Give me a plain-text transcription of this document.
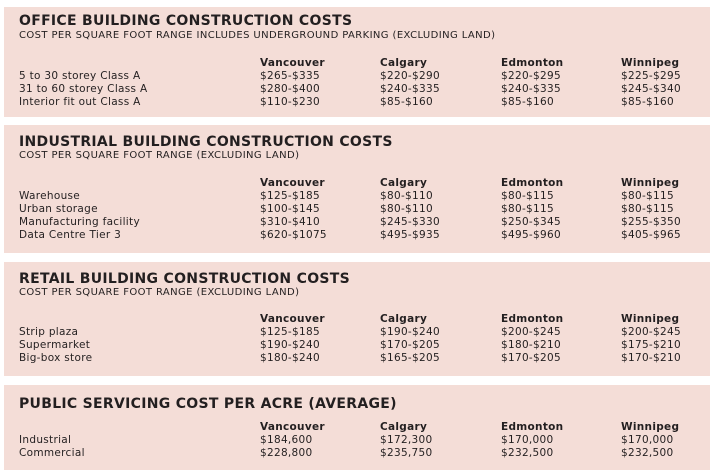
OFFICE BUILDING CONSTRUCTION COSTS
COST PER SQUARE FOOT RANGE INCLUDES UNDERGROUND PARKING (EXCLUDING LAND)
Vancouver	Calgary	Edmonton	Winnipeg
5 to 30 storey Class A	$265-$335	$220-$290	$220-$295	$225-$295
31 to 60 storey Class A	$280-$400	$240-$335	$240-$335	$245-$340
Interior fit out Class A	$110-$230	$85-$160	$85-$160	$85-$160
INDUSTRIAL BUILDING CONSTRUCTION COSTS
COST PER SQUARE FOOT RANGE (EXCLUDING LAND)
Vancouver	Calgary	Edmonton	Winnipeg
Warehouse	$125-$185	$80-$110	$80-$115	$80-$115
Urban storage	$100-$145	$80-$110	$80-$115	$80-$115
Manufacturing facility	$310-$410	$245-$330	$250-$345	$255-$350
Data Centre Tier 3	$620-$1075	$495-$935	$495-$960	$405-$965
RETAIL BUILDING CONSTRUCTION COSTS
COST PER SQUARE FOOT RANGE (EXCLUDING LAND)
Vancouver	Calgary	Edmonton	Winnipeg
Strip plaza	$125-$185	$190-$240	$200-$245	$200-$245
Supermarket	$190-$240	$170-$205	$180-$210	$175-$210
Big-box store	$180-$240	$165-$205	$170-$205	$170-$210
PUBLIC SERVICING COST PER ACRE (AVERAGE)
Vancouver	Calgary	Edmonton	Winnipeg
Industrial	$184,600	$172,300	$170,000	$170,000
Commercial	$228,800	$235,750	$232,500	$232,500
